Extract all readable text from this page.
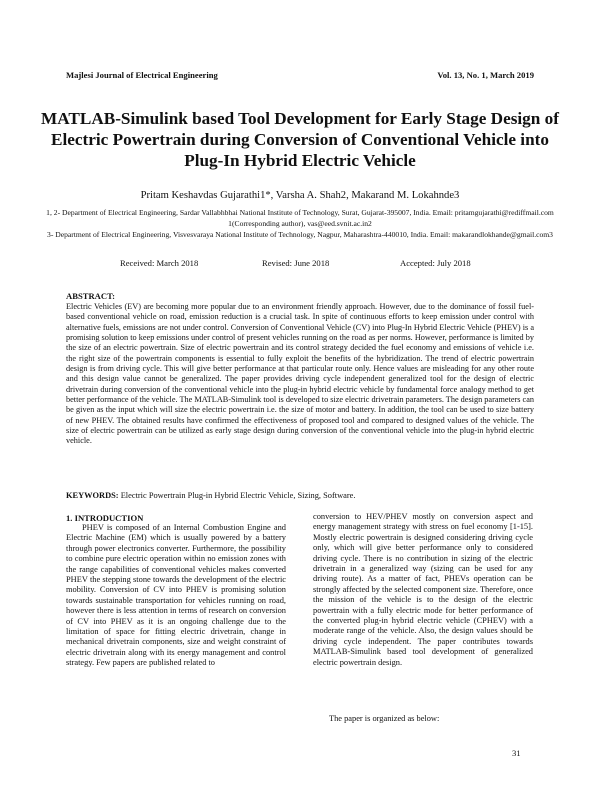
Majlesi Journal of Electrical Engineering	Vol. 13, No. 1, March 2019
MATLAB-Simulink based Tool Development for Early Stage Design of Electric Powertrain during Conversion of Conventional Vehicle into Plug-In Hybrid Electric Vehicle
Pritam Keshavdas Gujarathi1*, Varsha A. Shah2, Makarand M. Lokahnde3
1, 2- Department of Electrical Engineering, Sardar Vallabhbhai National Institute of Technology, Surat, Gujarat-395007, India. Email: pritamgujarathi@rediffmail.com 1(Corresponding author), vas@eed.svnit.ac.in2
3- Department of Electrical Engineering, Visvesvaraya National Institute of Technology, Nagpur, Maharashtra-440010, India. Email: makarandlokhande@gmail.com3
Received: March 2018	Revised: June 2018	Accepted: July 2018
ABSTRACT:
Electric Vehicles (EV) are becoming more popular due to an environment friendly approach. However, due to the dominance of fossil fuel-based conventional vehicle on road, emission reduction is a crucial task. In spite of continuous efforts to keep emission under control with alternative fuels, emissions are not under control. Conversion of Conventional Vehicle (CV) into Plug-In Hybrid Electric Vehicle (PHEV) is a promising solution to keep emissions under control of present vehicles running on the road as per norms. However, performance is limited by the size of an electric powertrain. Size of electric powertrain and its control strategy decided the fuel economy and emissions of vehicle i.e. the right size of the powertrain components is essential to fully exploit the benefits of the hybridization. The trend of electric powertrain design is from driving cycle. This will give better performance at that particular route only. Hence values are misleading for any other route and this design value cannot be generalized. The paper provides driving cycle independent generalized tool for the design of electric drivetrain during conversion of the conventional vehicle into the plug-in hybrid electric vehicle by fundamental force analogy method to get better performance of the vehicle. The MATLAB-Simulink tool is developed to size electric drivetrain parameters. The design parameters can be given as the input which will size the electric powertrain i.e. the size of motor and battery. In addition, the tool can be used to size battery of new PHEV. The obtained results have confirmed the effectiveness of proposed tool and compared to designed values of the vehicle. The size of electric powertrain can be utilized as early stage design during conversion of the conventional vehicle into the plug-in hybrid electric vehicle.
KEYWORDS: Electric Powertrain Plug-in Hybrid Electric Vehicle, Sizing, Software.
1. INTRODUCTION

PHEV is composed of an Internal Combustion Engine and Electric Machine (EM) which is usually powered by a battery through power electronics converter. Furthermore, the possibility to combine pure electric operation within no emission zones with the range capabilities of conventional vehicles makes converted PHEV the stepping stone towards the development of the electric mobility. Conversion of CV into PHEV is promising solution towards sustainable transportation for vehicles running on road, however there is less attention in terms of research on conversion of CV into PHEV as it is an ongoing challenge due to the limitation of space for fitting electric drivetrain, change in mechanical drivetrain components, size and weight constraint of electric drivetrain along with its energy management and control strategy. Few papers are published related to

conversion to HEV/PHEV mostly on conversion aspect and energy management strategy with stress on fuel economy [1-15]. Mostly electric powertrain is designed considering driving cycle only, which will give better performance only to considered driving cycle. There is no contribution in sizing of the electric drivetrain in a generalized way (sizing can be used for any driving route). As a matter of fact, PHEVs operation can be strongly affected by the selected component size. Therefore, once the mission of the vehicle is to the design of the electric powertrain with a fully electric mode for better performance of the converted plug-in hybrid electric vehicle (CPHEV) with a moderate range of the vehicle. Also, the design values should be driving cycle independent. The paper contributes towards MATLAB-Simulink based tool development of generalized electric powertrain design.

The paper is organized as below:

31
